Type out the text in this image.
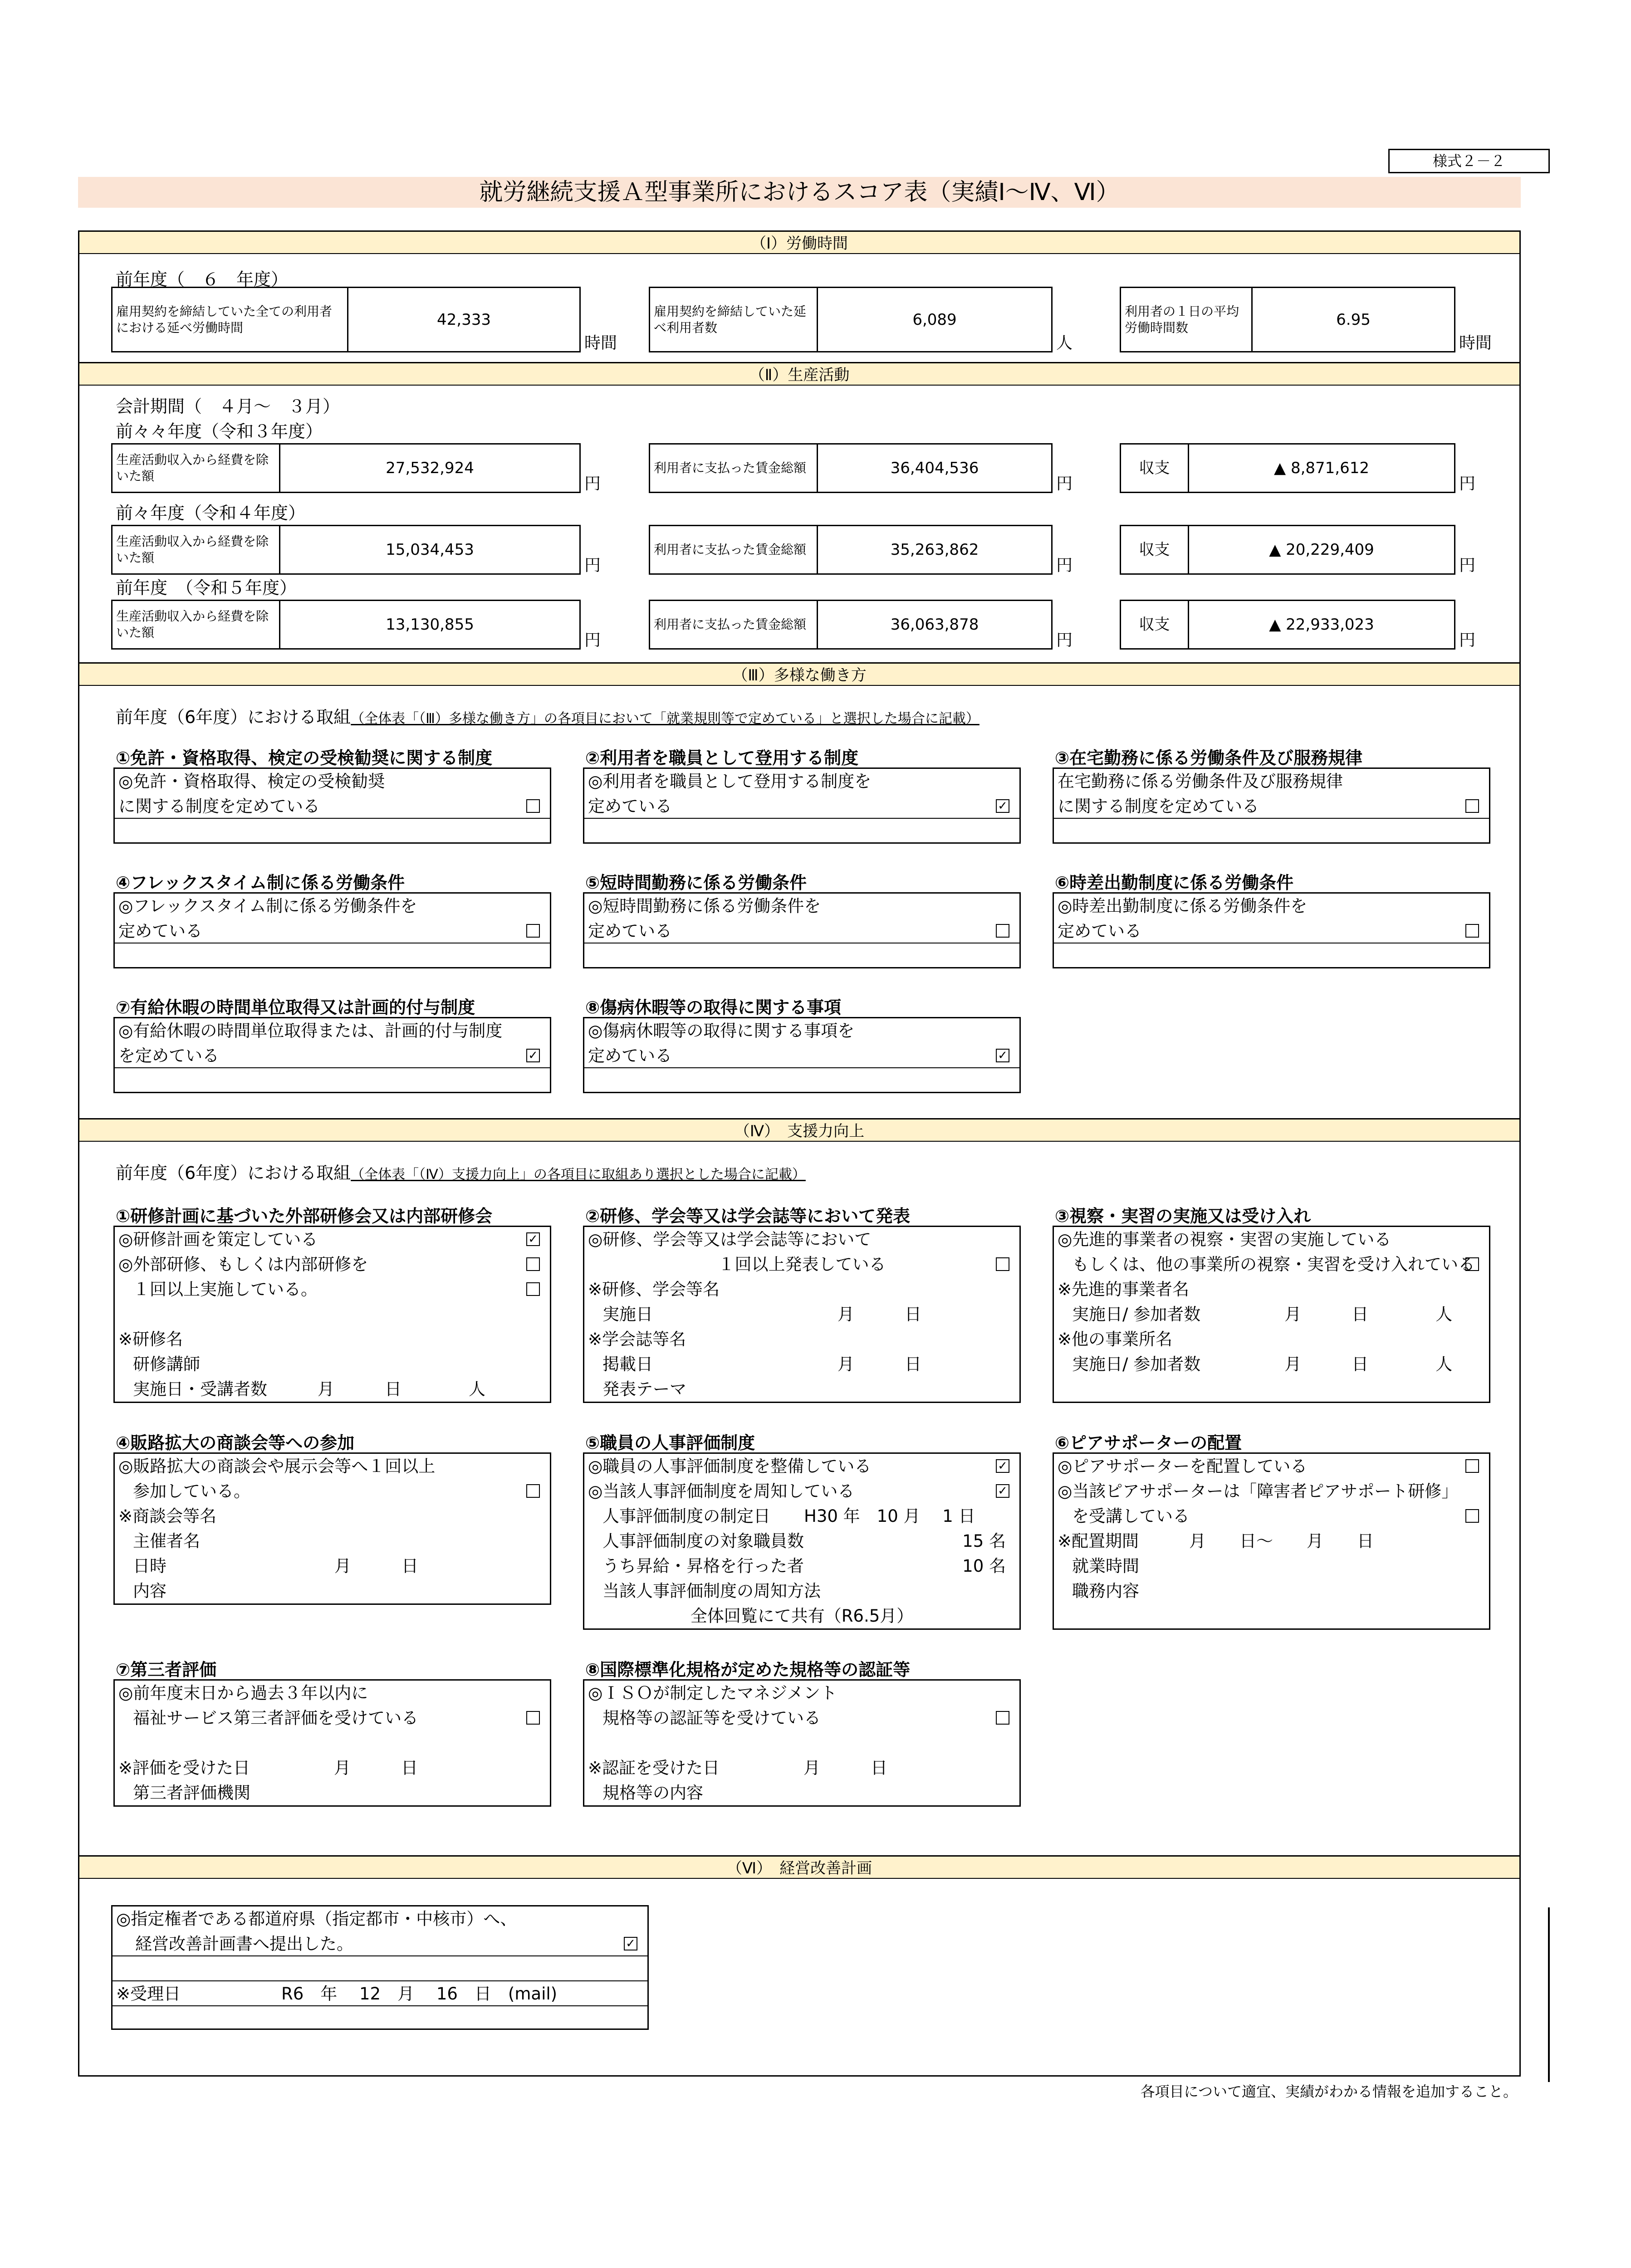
様式２－２
就労継続支援Ａ型事業所におけるスコア表（実績Ⅰ～Ⅳ、Ⅵ）
（Ⅰ）労働時間
前年度（　６　年度）
雇用契約を締結していた全ての利用者における延べ労働時間	42,333
時間
雇用契約を締結していた延べ利用者数	6,089
人
利用者の１日の平均労働時間数	6.95
時間
（Ⅱ）生産活動
会計期間（　４月～　３月）
前々々年度（令和３年度）
生産活動収入から経費を除いた額	27,532,924
円
利用者に支払った賃金総額	36,404,536
円
収支	▲ 8,871,612
円
前々年度（令和４年度）
生産活動収入から経費を除いた額	15,034,453
円
利用者に支払った賃金総額	35,263,862
円
収支	▲ 20,229,409
円
前年度　（令和５年度）
生産活動収入から経費を除いた額	13,130,855
円
利用者に支払った賃金総額	36,063,878
円
収支	▲ 22,933,023
円
（Ⅲ）多様な働き方
前年度（6年度）における取組（全体表「（Ⅲ）多様な働き方」の各項目において「就業規則等で定めている」と選択した場合に記載）
①免許・資格取得、検定の受検勧奨に関する制度
◎免許・資格取得、検定の受検勧奨
に関する制度を定めている
②利用者を職員として登用する制度
◎利用者を職員として登用する制度を
定めている	✓
③在宅勤務に係る労働条件及び服務規律
在宅勤務に係る労働条件及び服務規律
に関する制度を定めている
④フレックスタイム制に係る労働条件
◎フレックスタイム制に係る労働条件を
定めている
⑤短時間勤務に係る労働条件
◎短時間勤務に係る労働条件を
定めている
⑥時差出勤制度に係る労働条件
◎時差出勤制度に係る労働条件を
定めている
⑦有給休暇の時間単位取得又は計画的付与制度
◎有給休暇の時間単位取得または、計画的付与制度
を定めている	✓
⑧傷病休暇等の取得に関する事項
◎傷病休暇等の取得に関する事項を
定めている	✓
（Ⅳ）　支援力向上
前年度（6年度）における取組（全体表「（Ⅳ）支援力向上」の各項目に取組あり選択とした場合に記載）
①研修計画に基づいた外部研修会又は内部研修会
◎研修計画を策定している	✓
◎外部研修、もしくは内部研修を
１回以上実施している。
※研修名
研修講師
実施日・受講者数　　　月　　　日　　　　人
②研修、学会等又は学会誌等において発表
◎研修、学会等又は学会誌等において
１回以上発表している
※研修、学会等名
実施日　　　　　　　　　　　月　　　日
※学会誌等名
掲載日　　　　　　　　　　　月　　　日
発表テーマ
③視察・実習の実施又は受け入れ
◎先進的事業者の視察・実習の実施している
もしくは、他の事業所の視察・実習を受け入れている
※先進的事業者名
実施日/ 参加者数　　　　　月　　　日　　　　人
※他の事業所名
実施日/ 参加者数　　　　　月　　　日　　　　人
④販路拡大の商談会等への参加
◎販路拡大の商談会や展示会等へ１回以上
参加している。
※商談会等名
主催者名
日時　　　　　　　　　　月　　　日
内容
⑤職員の人事評価制度
◎職員の人事評価制度を整備している	✓
◎当該人事評価制度を周知している	✓
人事評価制度の制定日　　H30 年　10 月　 1 日
人事評価制度の対象職員数	15 名
うち昇給・昇格を行った者	10 名
当該人事評価制度の周知方法
全体回覧にて共有（R6.5月）
⑥ピアサポーターの配置
◎ピアサポーターを配置している
◎当該ピアサポーターは「障害者ピアサポート研修」
を受講している
※配置期間　　　月　　日～　　月　　日
就業時間
職務内容
⑦第三者評価
◎前年度末日から過去３年以内に
福祉サービス第三者評価を受けている
※評価を受けた日　　　　　月　　　日
第三者評価機関
⑧国際標準化規格が定めた規格等の認証等
◎ＩＳＯが制定したマネジメント
規格等の認証等を受けている
※認証を受けた日　　　　　月　　　日
規格等の内容
（Ⅵ）　経営改善計画
◎指定権者である都道府県（指定都市・中核市）へ、
経営改善計画書へ提出した。	✓
※受理日　　　　　　R6　年　 12　月　 16　日　(mail)
各項目について適宜、実績がわかる情報を追加すること。
